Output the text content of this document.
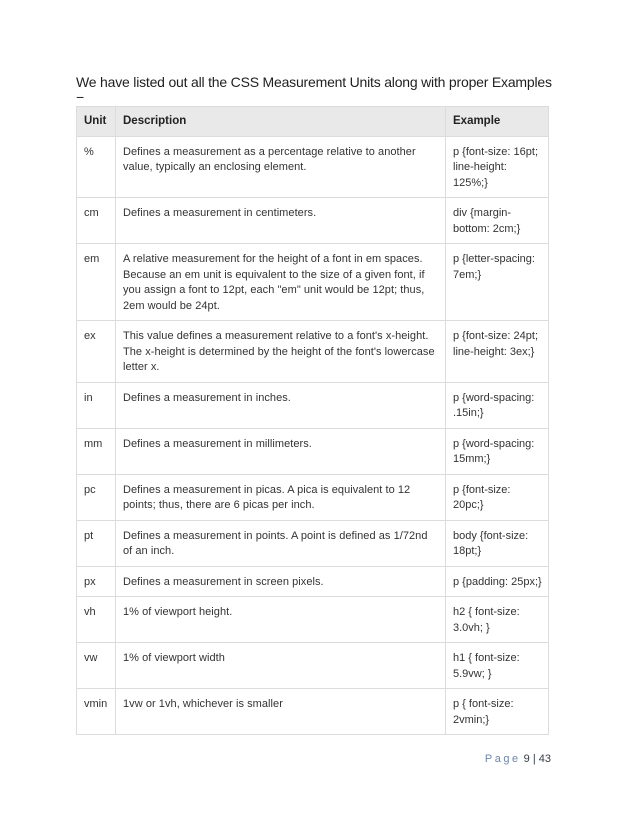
We have listed out all the CSS Measurement Units along with proper Examples
−
Unit	Description	Example
%	Defines a measurement as a percentage relative to another value, typically an enclosing element.	p {font-size: 16pt; line-height: 125%;}
cm	Defines a measurement in centimeters.	div {margin-bottom: 2cm;}
em	A relative measurement for the height of a font in em spaces. Because an em unit is equivalent to the size of a given font, if you assign a font to 12pt, each "em" unit would be 12pt; thus, 2em would be 24pt.	p {letter-spacing: 7em;}
ex	This value defines a measurement relative to a font's x-height. The x-height is determined by the height of the font's lowercase letter x.	p {font-size: 24pt; line-height: 3ex;}
in	Defines a measurement in inches.	p {word-spacing: .15in;}
mm	Defines a measurement in millimeters.	p {word-spacing: 15mm;}
pc	Defines a measurement in picas. A pica is equivalent to 12 points; thus, there are 6 picas per inch.	p {font-size: 20pc;}
pt	Defines a measurement in points. A point is defined as 1/72nd of an inch.	body {font-size: 18pt;}
px	Defines a measurement in screen pixels.	p {padding: 25px;}
vh	1% of viewport height.	h2 { font-size: 3.0vh; }
vw	1% of viewport width	h1 { font-size: 5.9vw; }
vmin	1vw or 1vh, whichever is smaller	p { font-size: 2vmin;}
Page 9 | 43
